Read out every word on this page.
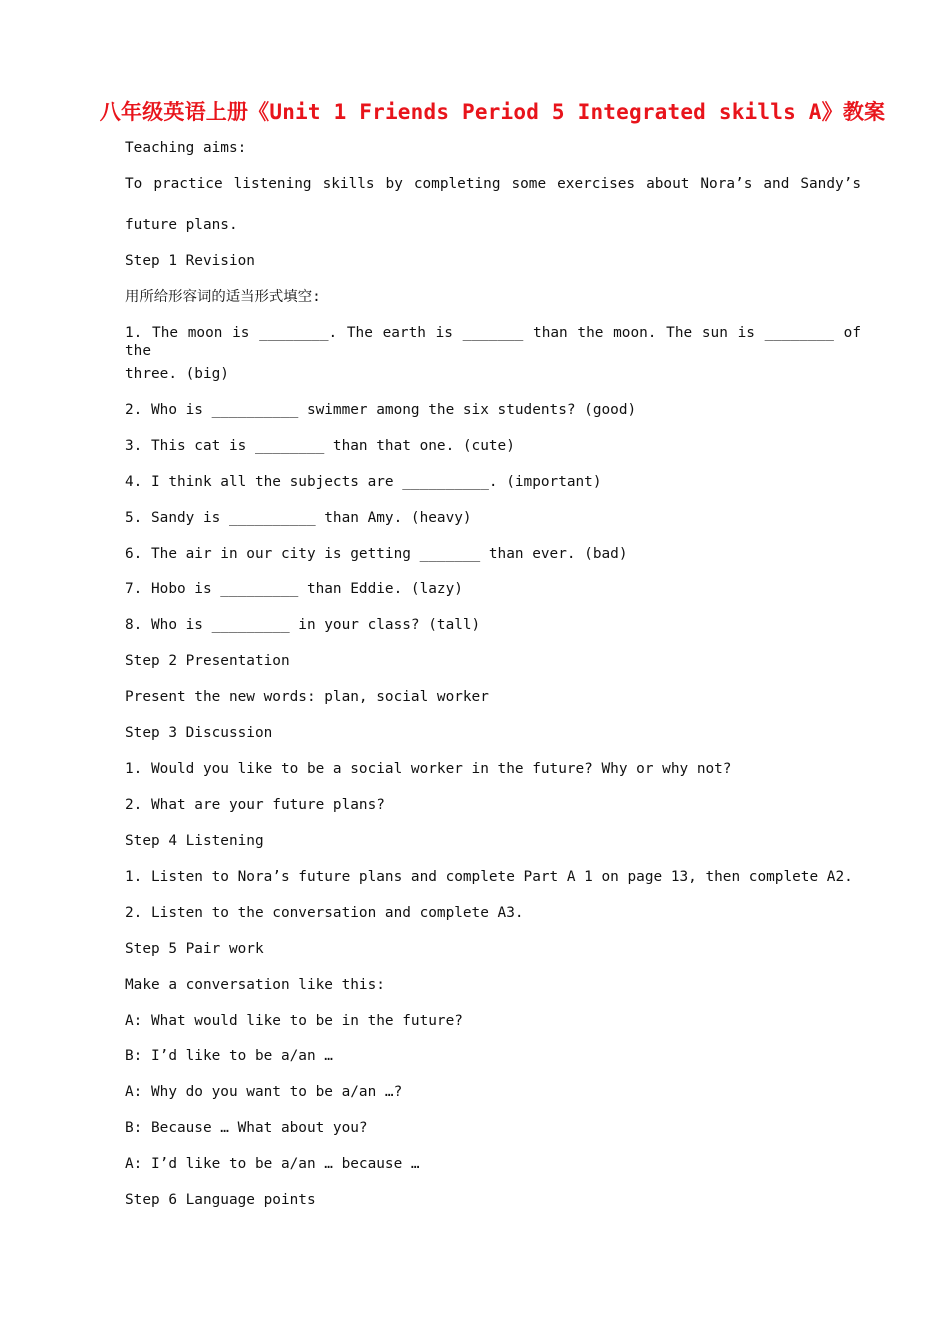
八年级英语上册《Unit 1 Friends Period 5 Integrated skills A》教案
Teaching aims:
To practice listening skills by completing some exercises about Nora’s and Sandy’s
future plans.
Step 1 Revision
用所给形容词的适当形式填空:
1. The moon is ________. The earth is _______ than the moon. The sun is ________ of the
three. (big)
2. Who is __________ swimmer among the six students? (good)
3. This cat is ________ than that one. (cute)
4. I think all the subjects are __________. (important)
5. Sandy is __________ than Amy. (heavy)
6. The air in our city is getting _______ than ever. (bad)
7. Hobo is _________ than Eddie. (lazy)
8. Who is _________ in your class? (tall)
Step 2 Presentation
Present the new words: plan, social worker
Step 3 Discussion
1. Would you like to be a social worker in the future? Why or why not?
2. What are your future plans?
Step 4 Listening
1. Listen to Nora’s future plans and complete Part A 1 on page 13, then complete A2.
2. Listen to the conversation and complete A3.
Step 5 Pair work
Make a conversation like this:
A: What would like to be in the future?
B: I’d like to be a/an …
A: Why do you want to be a/an …?
B: Because … What about you?
A: I’d like to be a/an … because …
Step 6 Language points
